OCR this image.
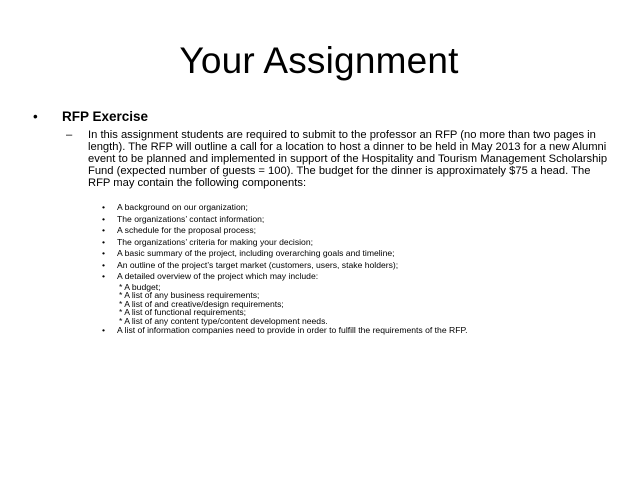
Your Assignment
• RFP Exercise
– In this assignment students are required to submit to the professor an RFP (no more than two pages in length). The RFP will outline a call for a location to host a dinner to be held in May 2013 for a new Alumni event to be planned and implemented in support of the Hospitality and Tourism Management Scholarship Fund (expected number of guests = 100). The budget for the dinner is approximately $75 a head. The RFP may contain the following components:
• A background on our organization;
• The organizations’ contact information;
• A schedule for the proposal process;
• The organizations’ criteria for making your decision;
• A basic summary of the project, including overarching goals and timeline;
• An outline of the project’s target market (customers, users, stake holders);
• A detailed overview of the project which may include:
* A budget;
* A list of any business requirements;
* A list of and creative/design requirements;
* A list of functional requirements;
* A list of any content type/content development needs.
• A list of information companies need to provide in order to fulfill the requirements of the RFP.
